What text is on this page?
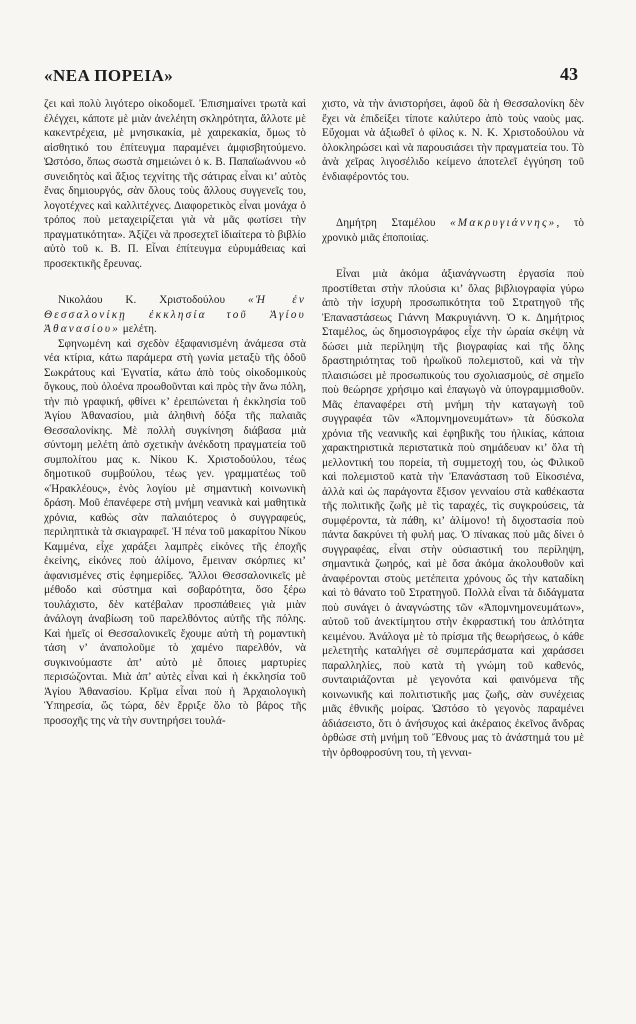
«ΝΕΑ ΠΟΡΕΙΑ»	43

ζει καὶ πολὺ λιγότερο οἰκοδομεῖ. Ἐπισημαίνει τρωτὰ καὶ ἐλέγχει, κάποτε μὲ μιὰν ἀνελέητη σκληρότητα, ἄλλοτε μὲ κακεντρέχεια, μὲ μνησικακία, μὲ χαιρεκακία, ὅμως τὸ αἰσθητικό του ἐπίτευγμα παραμένει ἀμφισβητούμενο. Ὡστόσο, ὅπως σωστὰ σημειώνει ὁ κ. Β. Παπαϊωάννου «ὁ συνειδητὸς καὶ ἄξιος τεχνίτης τῆς σάτιρας εἶναι κι’ αὐτὸς ἕνας δημιουργός, σὰν ὅλους τοὺς ἄλλους συγγενεῖς του, λογοτέχνες καὶ καλλιτέχνες. Διαφορετικὸς εἶναι μονάχα ὁ τρόπος ποὺ μεταχειρίζεται γιὰ νὰ μᾶς φωτίσει τὴν πραγματικότητα». Ἀξίζει νὰ προσεχτεῖ ἰδιαίτερα τὸ βιβλίο αὐτὸ τοῦ κ. Β. Π. Εἶναι ἐπίτευγμα εὐρυμάθειας καὶ προσεκτικῆς ἔρευνας.

Νικολάου Κ. Χριστοδούλου «Ἡ ἐν Θεσσαλονίκῃ ἐκκλησία τοῦ Ἁγίου Ἀθανασίου» μελέτη.

Σφηνωμένη καὶ σχεδὸν ἐξαφανισμένη ἀνάμεσα στὰ νέα κτίρια, κάτω παράμερα στὴ γωνία μεταξὺ τῆς ὁδοῦ Σωκράτους καὶ Ἐγνατία, κάτω ἀπὸ τοὺς οἰκοδομικοὺς ὄγκους, ποὺ ὁλοένα προωθοῦνται καὶ πρὸς τὴν ἄνω πόλη, τὴν πιὸ γραφική, φθίνει κ’ ἐρειπώνεται ἡ ἐκκλησία τοῦ Ἁγίου Ἀθανασίου, μιὰ ἀληθινὴ δόξα τῆς παλαιᾶς Θεσσαλονίκης. Μὲ πολλὴ συγκίνηση διάβασα μιὰ σύντομη μελέτη ἀπὸ σχετικὴν ἀνέκδοτη πραγματεία τοῦ συμπολίτου μας κ. Νίκου Κ. Χριστοδούλου, τέως δημοτικοῦ συμβούλου, τέως γεν. γραμματέως τοῦ «Ἡρακλέους», ἑνὸς λογίου μὲ σημαντικὴ κοινωνικὴ δράση. Μοῦ ἐπανέφερε στὴ μνήμη νεανικὰ καὶ μαθητικὰ χρόνια, καθὼς σὰν παλαιότερος ὁ συγγραφεύς, περιληπτικὰ τὰ σκιαγραφεῖ. Ἡ πένα τοῦ μακαρίτου Νίκου Καμμένα, εἶχε χαράξει λαμπρὲς εἰκόνες τῆς ἐποχῆς ἐκείνης, εἰκόνες ποὺ ἀλίμονο, ἔμειναν σκόρπιες κι’ ἀφανισμένες στὶς ἐφημερίδες. Ἄλλοι Θεσσαλονικεῖς μὲ μέθοδο καὶ σύστημα καὶ σοβαρότητα, ὅσο ξέρω τουλάχιστο, δὲν κατέβαλαν προσπάθειες γιὰ μιὰν ἀνάλογη ἀναβίωση τοῦ παρελθόντος αὐτῆς τῆς πόλης. Καὶ ἡμεῖς οἱ Θεσσαλονικεῖς ἔχουμε αὐτὴ τὴ ρομαντικὴ τάση ν’ ἀναπολοῦμε τὸ χαμένο παρελθόν, νὰ συγκινούμαστε ἀπ’ αὐτὸ μὲ ὅποιες μαρτυρίες περισώζονται. Μιὰ ἀπ’ αὐτὲς εἶναι καὶ ἡ ἐκκλησία τοῦ Ἁγίου Ἀθανασίου. Κρῖμα εἶναι ποὺ ἡ Ἀρχαιολογικὴ Ὑπηρεσία, ὥς τώρα, δὲν ἔρριξε ὅλο τὸ βάρος τῆς προσοχῆς της νὰ τὴν συντηρήσει τουλά-

χιστο, νὰ τὴν ἀνιστορήσει, ἀφοῦ δὰ ἡ Θεσσαλονίκη δὲν ἔχει νὰ ἐπιδείξει τίποτε καλύτερο ἀπὸ τοὺς ναοὺς μας. Εὔχομαι νὰ ἀξιωθεῖ ὁ φίλος κ. Ν. Κ. Χριστοδούλου νὰ ὁλοκληρώσει καὶ νὰ παρουσιάσει τὴν πραγματεία του. Τὸ ἀνὰ χεῖρας λιγοσέλιδο κείμενο ἀποτελεῖ ἐγγύηση τοῦ ἐνδιαφέροντός του.

Δημήτρη Σταμέλου «Μακρυγιάννης», τὸ χρονικὸ μιᾶς ἐποποιίας.

Εἶναι μιὰ ἀκόμα ἀξιανάγνωστη ἐργασία ποὺ προστίθεται στὴν πλούσια κι’ ὅλας βιβλιογραφία γύρω ἀπὸ τὴν ἰσχυρὴ προσωπικότητα τοῦ Στρατηγοῦ τῆς Ἐπαναστάσεως Γιάννη Μακρυγιάννη. Ὁ κ. Δημήτριος Σταμέλος, ὡς δημοσιογράφος εἶχε τὴν ὡραία σκέψη νὰ δώσει μιὰ περίληψη τῆς βιογραφίας καὶ τῆς ὅλης δραστηριότητας τοῦ ἡρωϊκοῦ πολεμιστοῦ, καὶ νὰ τὴν πλαισιώσει μὲ προσωπικοὺς του σχολιασμούς, σὲ σημεῖο ποὺ θεώρησε χρήσιμο καὶ ἐπαγωγὸ νὰ ὑπογραμμισθοῦν. Μᾶς ἐπαναφέρει στὴ μνήμη τὴν καταγωγὴ τοῦ συγγραφέα τῶν «Ἀπομνημονευμάτων» τὰ δύσκολα χρόνια τῆς νεανικῆς καὶ ἐφηβικῆς του ἡλικίας, κάποια χαρακτηριστικὰ περιστατικὰ ποὺ σημάδευαν κι’ ὅλα τὴ μελλοντική του πορεία, τὴ συμμετοχή του, ὡς Φιλικοῦ καὶ πολεμιστοῦ κατὰ τὴν Ἐπανάσταση τοῦ Εἰκοσιένα, ἀλλὰ καὶ ὡς παράγοντα ἔξισον γενναίου στὰ καθέκαστα τῆς πολιτικῆς ζωῆς μὲ τὶς ταραχές, τὶς συγκρούσεις, τὰ συμφέροντα, τὰ πάθη, κι’ ἀλίμονο! τὴ διχοστασία ποὺ πάντα δακρύνει τὴ φυλή μας. Ὁ πίνακας ποὺ μᾶς δίνει ὁ συγγραφέας, εἶναι στὴν οὐσιαστική του περίληψη, σημαντικὰ ζωηρός, καὶ μὲ ὅσα ἀκόμα ἀκολουθοῦν καὶ ἀναφέρονται στοὺς μετέπειτα χρόνους ὥς τὴν καταδίκη καὶ τὸ θάνατο τοῦ Στρατηγοῦ. Πολλὰ εἶναι τὰ διδάγματα ποὺ συνάγει ὁ ἀναγνώστης τῶν «Ἀπομνημονευμάτων», αὐτοῦ τοῦ ἀνεκτίμητου στὴν ἐκφραστική του ἁπλότητα κειμένου. Ἀνάλογα μὲ τὸ πρίσμα τῆς θεωρήσεως, ὁ κάθε μελετητὴς καταλήγει σὲ συμπεράσματα καὶ χαράσσει παραλληλίες, ποὺ κατὰ τὴ γνώμη τοῦ καθενός, συνταιριάζονται μὲ γεγονότα καὶ φαινόμενα τῆς κοινωνικῆς καὶ πολιτιστικῆς μας ζωῆς, σὰν συνέχειας μιᾶς ἐθνικῆς μοίρας. Ὡστόσο τὸ γεγονὸς παραμένει ἀδιάσειστο, ὅτι ὁ ἀνήσυχος καὶ ἀκέραιος ἐκεῖνος ἄνδρας ὁρθώσε στὴ μνήμη τοῦ Ἔθνους μας τὸ ἀνάστημά του μὲ τὴν ὀρθοφροσύνη του, τὴ γενναι-
